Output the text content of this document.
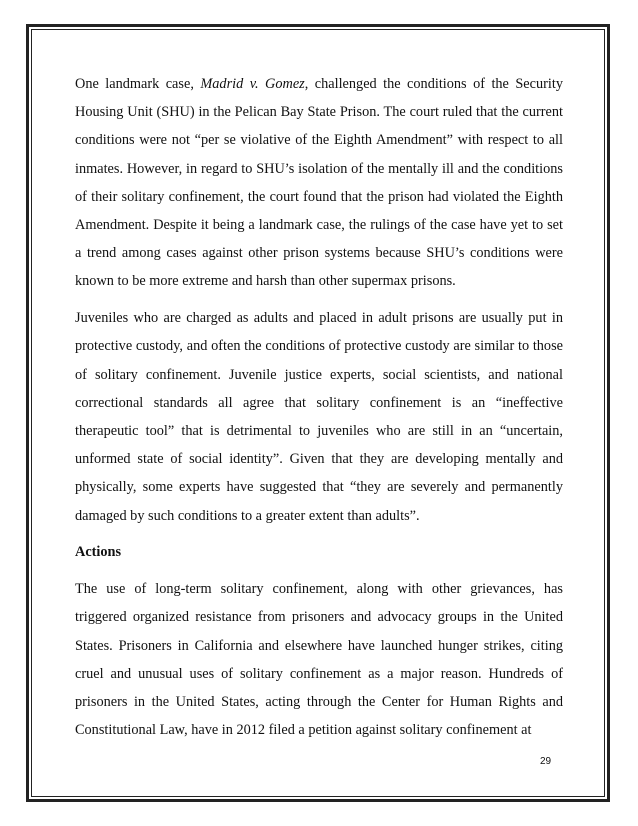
One landmark case, Madrid v. Gomez, challenged the conditions of the Security Housing Unit (SHU) in the Pelican Bay State Prison. The court ruled that the current conditions were not “per se violative of the Eighth Amendment” with respect to all inmates. However, in regard to SHU’s isolation of the mentally ill and the conditions of their solitary confinement, the court found that the prison had violated the Eighth Amendment. Despite it being a landmark case, the rulings of the case have yet to set a trend among cases against other prison systems because SHU’s conditions were known to be more extreme and harsh than other supermax prisons.

Juveniles who are charged as adults and placed in adult prisons are usually put in protective custody, and often the conditions of protective custody are similar to those of solitary confinement. Juvenile justice experts, social scientists, and national correctional standards all agree that solitary confinement is an “ineffective therapeutic tool” that is detrimental to juveniles who are still in an “uncertain, unformed state of social identity”. Given that they are developing mentally and physically, some experts have suggested that “they are severely and permanently damaged by such conditions to a greater extent than adults”.

Actions

The use of long-term solitary confinement, along with other grievances, has triggered organized resistance from prisoners and advocacy groups in the United States. Prisoners in California and elsewhere have launched hunger strikes, citing cruel and unusual uses of solitary confinement as a major reason. Hundreds of prisoners in the United States, acting through the Center for Human Rights and Constitutional Law, have in 2012 filed a petition against solitary confinement at

29
